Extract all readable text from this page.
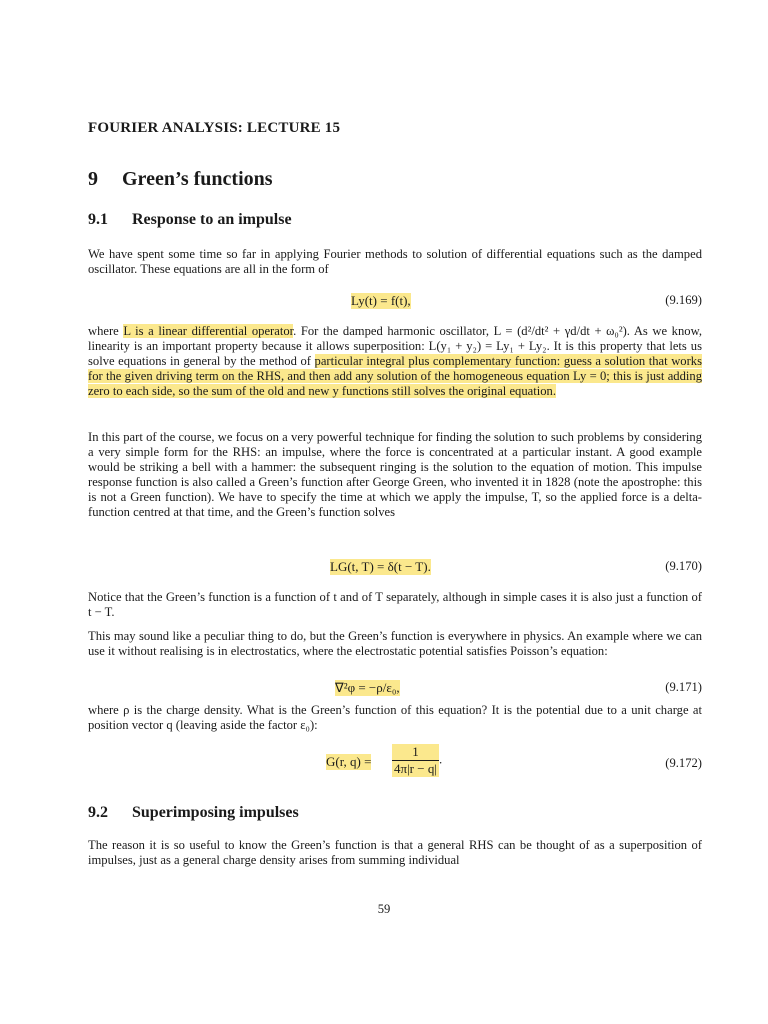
FOURIER ANALYSIS: LECTURE 15
9 Green’s functions
9.1 Response to an impulse
We have spent some time so far in applying Fourier methods to solution of differential equations such as the damped oscillator. These equations are all in the form of
Ly(t) = f(t),	(9.169)
where L is a linear differential operator. For the damped harmonic oscillator, L = (d²/dt² + γd/dt + ω₀²). As we know, linearity is an important property because it allows superposition: L(y₁ + y₂) = Ly₁ + Ly₂. It is this property that lets us solve equations in general by the method of particular integral plus complementary function: guess a solution that works for the given driving term on the RHS, and then add any solution of the homogeneous equation Ly = 0; this is just adding zero to each side, so the sum of the old and new y functions still solves the original equation.
In this part of the course, we focus on a very powerful technique for finding the solution to such problems by considering a very simple form for the RHS: an impulse, where the force is concentrated at a particular instant. A good example would be striking a bell with a hammer: the subsequent ringing is the solution to the equation of motion. This impulse response function is also called a Green’s function after George Green, who invented it in 1828 (note the apostrophe: this is not a Green function). We have to specify the time at which we apply the impulse, T, so the applied force is a delta-function centred at that time, and the Green’s function solves
LG(t, T) = δ(t − T).	(9.170)
Notice that the Green’s function is a function of t and of T separately, although in simple cases it is also just a function of t − T.
This may sound like a peculiar thing to do, but the Green’s function is everywhere in physics. An example where we can use it without realising is in electrostatics, where the electrostatic potential satisfies Poisson’s equation:
∇²φ = −ρ/ε₀,	(9.171)
where ρ is the charge density. What is the Green’s function of this equation? It is the potential due to a unit charge at position vector q (leaving aside the factor ε₀):
G(r, $q) = \frac{1}{4\pi|r - q|}$ .	(9.172)
9.2 Superimposing impulses
The reason it is so useful to know the Green’s function is that a general RHS can be thought of as a superposition of impulses, just as a general charge density arises from summing individual
59
